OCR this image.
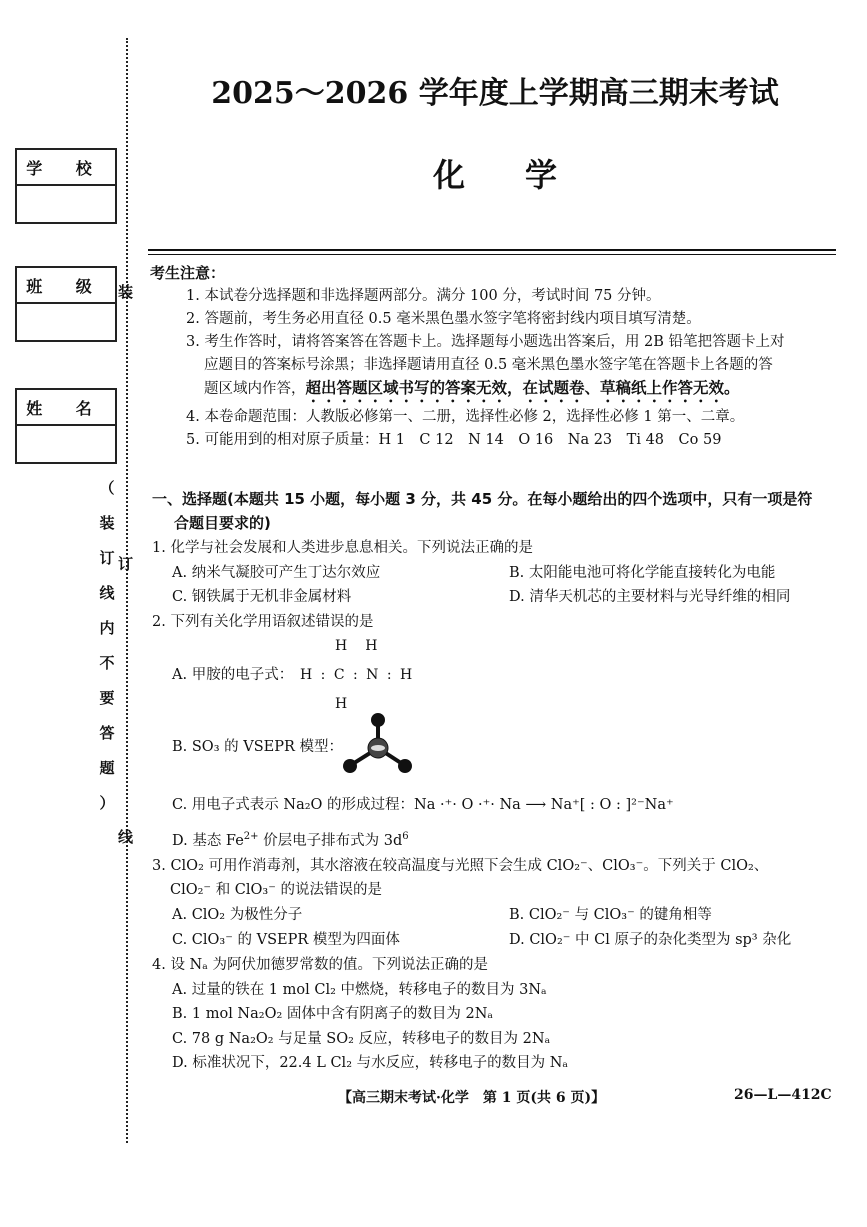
学 校
班 级
姓 名
装
订
线
（
装
订
线
内
不
要
答
题
）
2025～2026 学年度上学期高三期末考试
化学
考生注意：
1. 本试卷分选择题和非选择题两部分。满分 100 分，考试时间 75 分钟。
2. 答题前，考生务必用直径 0.5 毫米黑色墨水签字笔将密封线内项目填写清楚。
3. 考生作答时，请将答案答在答题卡上。选择题每小题选出答案后，用 2B 铅笔把答题卡上对
应题目的答案标号涂黑；非选择题请用直径 0.5 毫米黑色墨水签字笔在答题卡上各题的答
题区域内作答，超出答题区域书写的答案无效，在试题卷、草稿纸上作答无效。
4. 本卷命题范围：人教版必修第一、二册，选择性必修 2，选择性必修 1 第一、二章。
5. 可能用到的相对原子质量：H 1　C 12　N 14　O 16　Na 23　Ti 48　Co 59
一、选择题(本题共 15 小题，每小题 3 分，共 45 分。在每小题给出的四个选项中，只有一项是符
合题目要求的)
1. 化学与社会发展和人类进步息息相关。下列说法正确的是
A. 纳米气凝胶可产生丁达尔效应	B. 太阳能电池可将化学能直接转化为电能
C. 钢铁属于无机非金属材料	D. 清华天机芯的主要材料与光导纤维的相同
2. 下列有关化学用语叙述错误的是
A. 甲胺的电子式：
H　H
H : C : N : H
H
B. SO₃ 的 VSEPR 模型：
C. 用电子式表示 Na₂O 的形成过程：Na ·⁺· O ·⁺· Na ⟶ Na⁺[ : O : ]²⁻Na⁺
D. 基态 $Fe^{2+}$ 价层电子排布式为 $3d^6$
3. ClO₂ 可用作消毒剂，其水溶液在较高温度与光照下会生成 ClO₂⁻、ClO₃⁻。下列关于 ClO₂、
ClO₂⁻ 和 ClO₃⁻ 的说法错误的是
A. ClO₂ 为极性分子	B. ClO₂⁻ 与 ClO₃⁻ 的键角相等
C. ClO₃⁻ 的 VSEPR 模型为四面体	D. ClO₂⁻ 中 Cl 原子的杂化类型为 sp³ 杂化
4. 设 Nₐ 为阿伏加德罗常数的值。下列说法正确的是
A. 过量的铁在 1 mol Cl₂ 中燃烧，转移电子的数目为 3Nₐ
B. 1 mol Na₂O₂ 固体中含有阴离子的数目为 2Nₐ
C. 78 g Na₂O₂ 与足量 SO₂ 反应，转移电子的数目为 2Nₐ
D. 标准状况下，22.4 L Cl₂ 与水反应，转移电子的数目为 Nₐ
【高三期末考试·化学　第 1 页(共 6 页)】	26—L—412C
